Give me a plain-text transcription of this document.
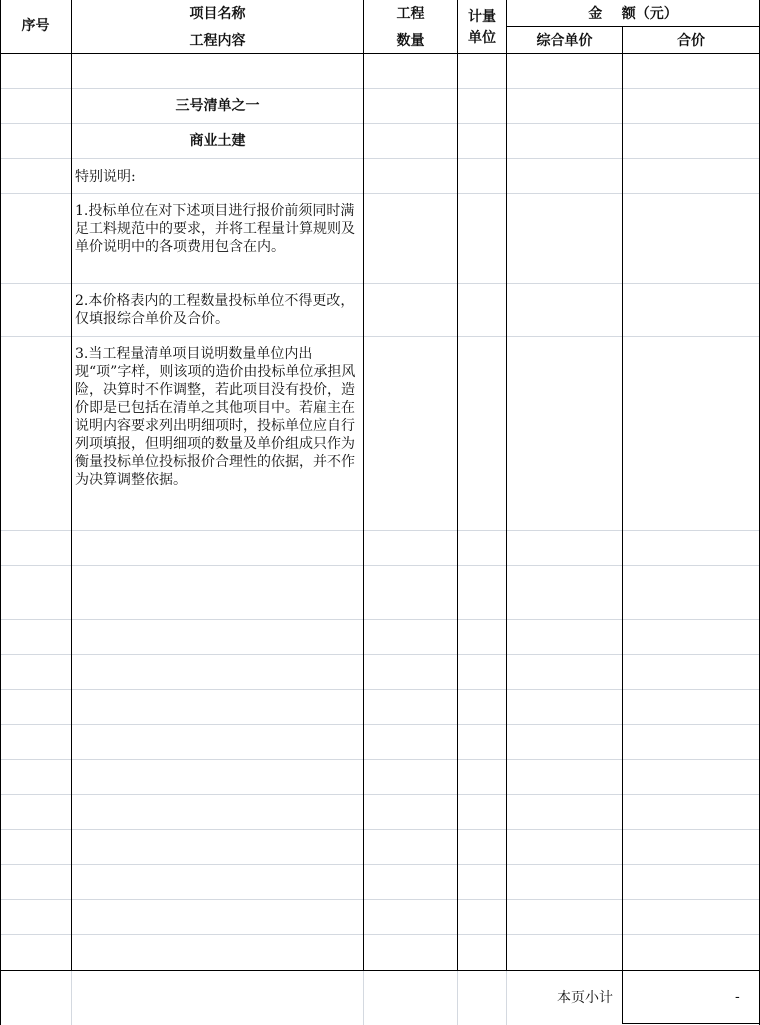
序号
项目名称
工程内容
工程
数量
计量
单位
金    额（元）
综合单价	合价
三号清单之一
商业土建
特别说明:
1.投标单位在对下述项目进行报价前须同时满足工料规范中的要求，并将工程量计算规则及单价说明中的各项费用包含在内。
2.本价格表内的工程数量投标单位不得更改，仅填报综合单价及合价。
3.当工程量清单项目说明数量单位内出现“项”字样，则该项的造价由投标单位承担风险，决算时不作调整，若此项目没有投价，造价即是已包括在清单之其他项目中。若雇主在说明内容要求列出明细项时，投标单位应自行列项填报，但明细项的数量及单价组成只作为衡量投标单位投标报价合理性的依据，并不作为决算调整依据。
本页小计	-
